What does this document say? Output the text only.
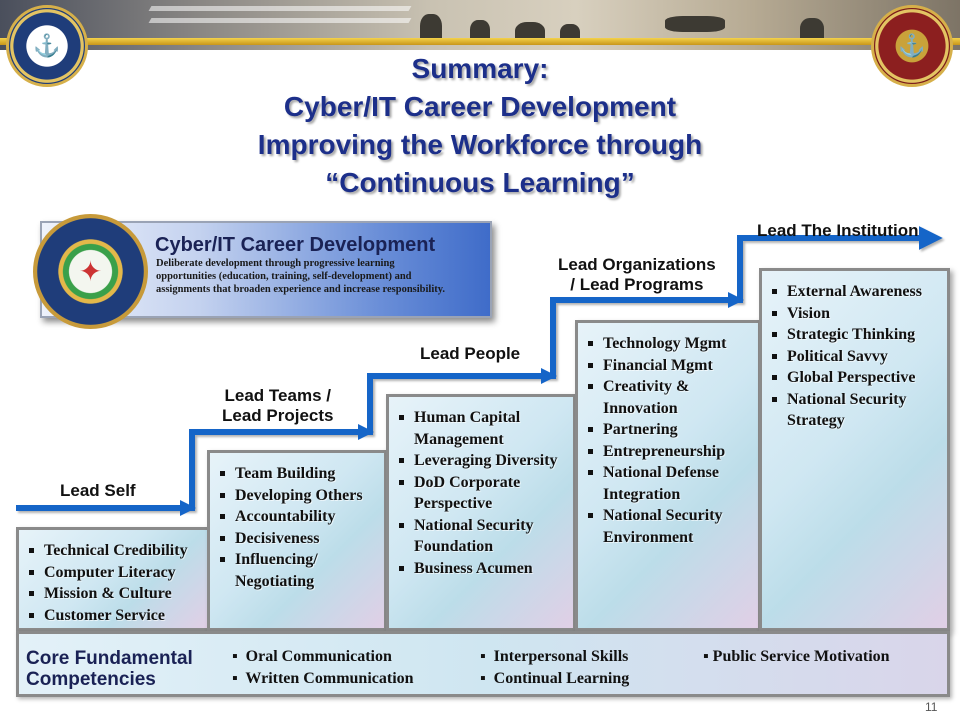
⚓	⚓
Summary:
Cyber/IT Career Development
Improving the Workforce through
“Continuous Learning”
✦
Cyber/IT Career Development
Deliberate development through progressive learning opportunities (education, training, self-development) and assignments that broaden experience and increase responsibility.
Lead Self
Lead Teams /
Lead Projects
Lead People
Lead Organizations
/ Lead Programs
Lead The Institution
Technical Credibility
Computer Literacy
Mission & Culture
Customer Service
Team Building
Developing Others
Accountability
Decisiveness
Influencing/ Negotiating
Human Capital Management
Leveraging Diversity
DoD Corporate Perspective
National Security Foundation
Business Acumen
Technology Mgmt
Financial Mgmt
Creativity & Innovation
Partnering
Entrepreneurship
National Defense Integration
National Security Environment
External Awareness
Vision
Strategic Thinking
Political Savvy
Global Perspective
National Security Strategy
Core Fundamental
Competencies
▪  Oral Communication
▪  Written Communication
▪  Interpersonal Skills
▪  Continual Learning
▪ Public Service Motivation
11
